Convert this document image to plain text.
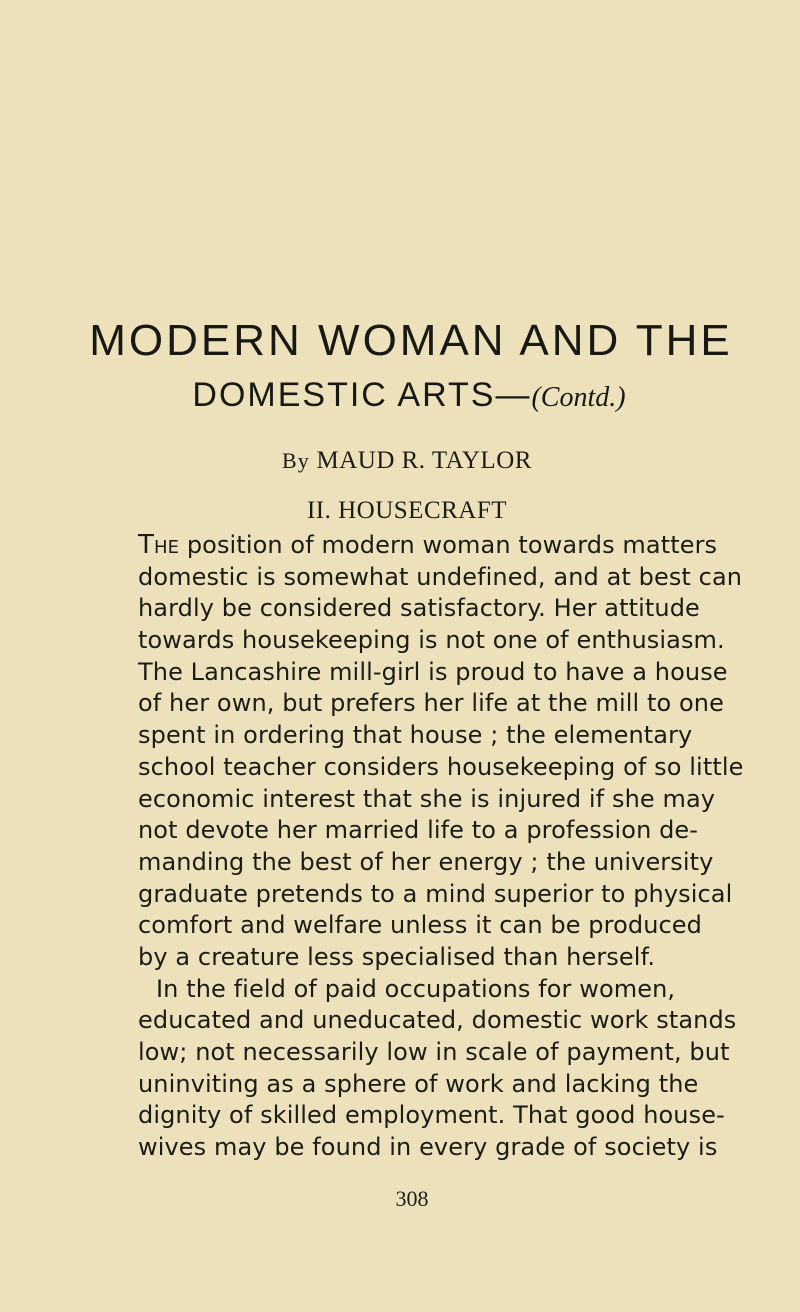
MODERN WOMAN AND THE
DOMESTIC ARTS—(Contd.)
By MAUD R. TAYLOR
II. HOUSECRAFT
The position of modern woman towards matters
domestic is somewhat undefined, and at best can
hardly be considered satisfactory. Her attitude
towards housekeeping is not one of enthusiasm.
The Lancashire mill-girl is proud to have a house
of her own, but prefers her life at the mill to one
spent in ordering that house ; the elementary
school teacher considers housekeeping of so little
economic interest that she is injured if she may
not devote her married life to a profession de-
manding the best of her energy ; the university
graduate pretends to a mind superior to physical
comfort and welfare unless it can be produced
by a creature less specialised than herself.
In the field of paid occupations for women,
educated and uneducated, domestic work stands
low; not necessarily low in scale of payment, but
uninviting as a sphere of work and lacking the
dignity of skilled employment. That good house-
wives may be found in every grade of society is
308
